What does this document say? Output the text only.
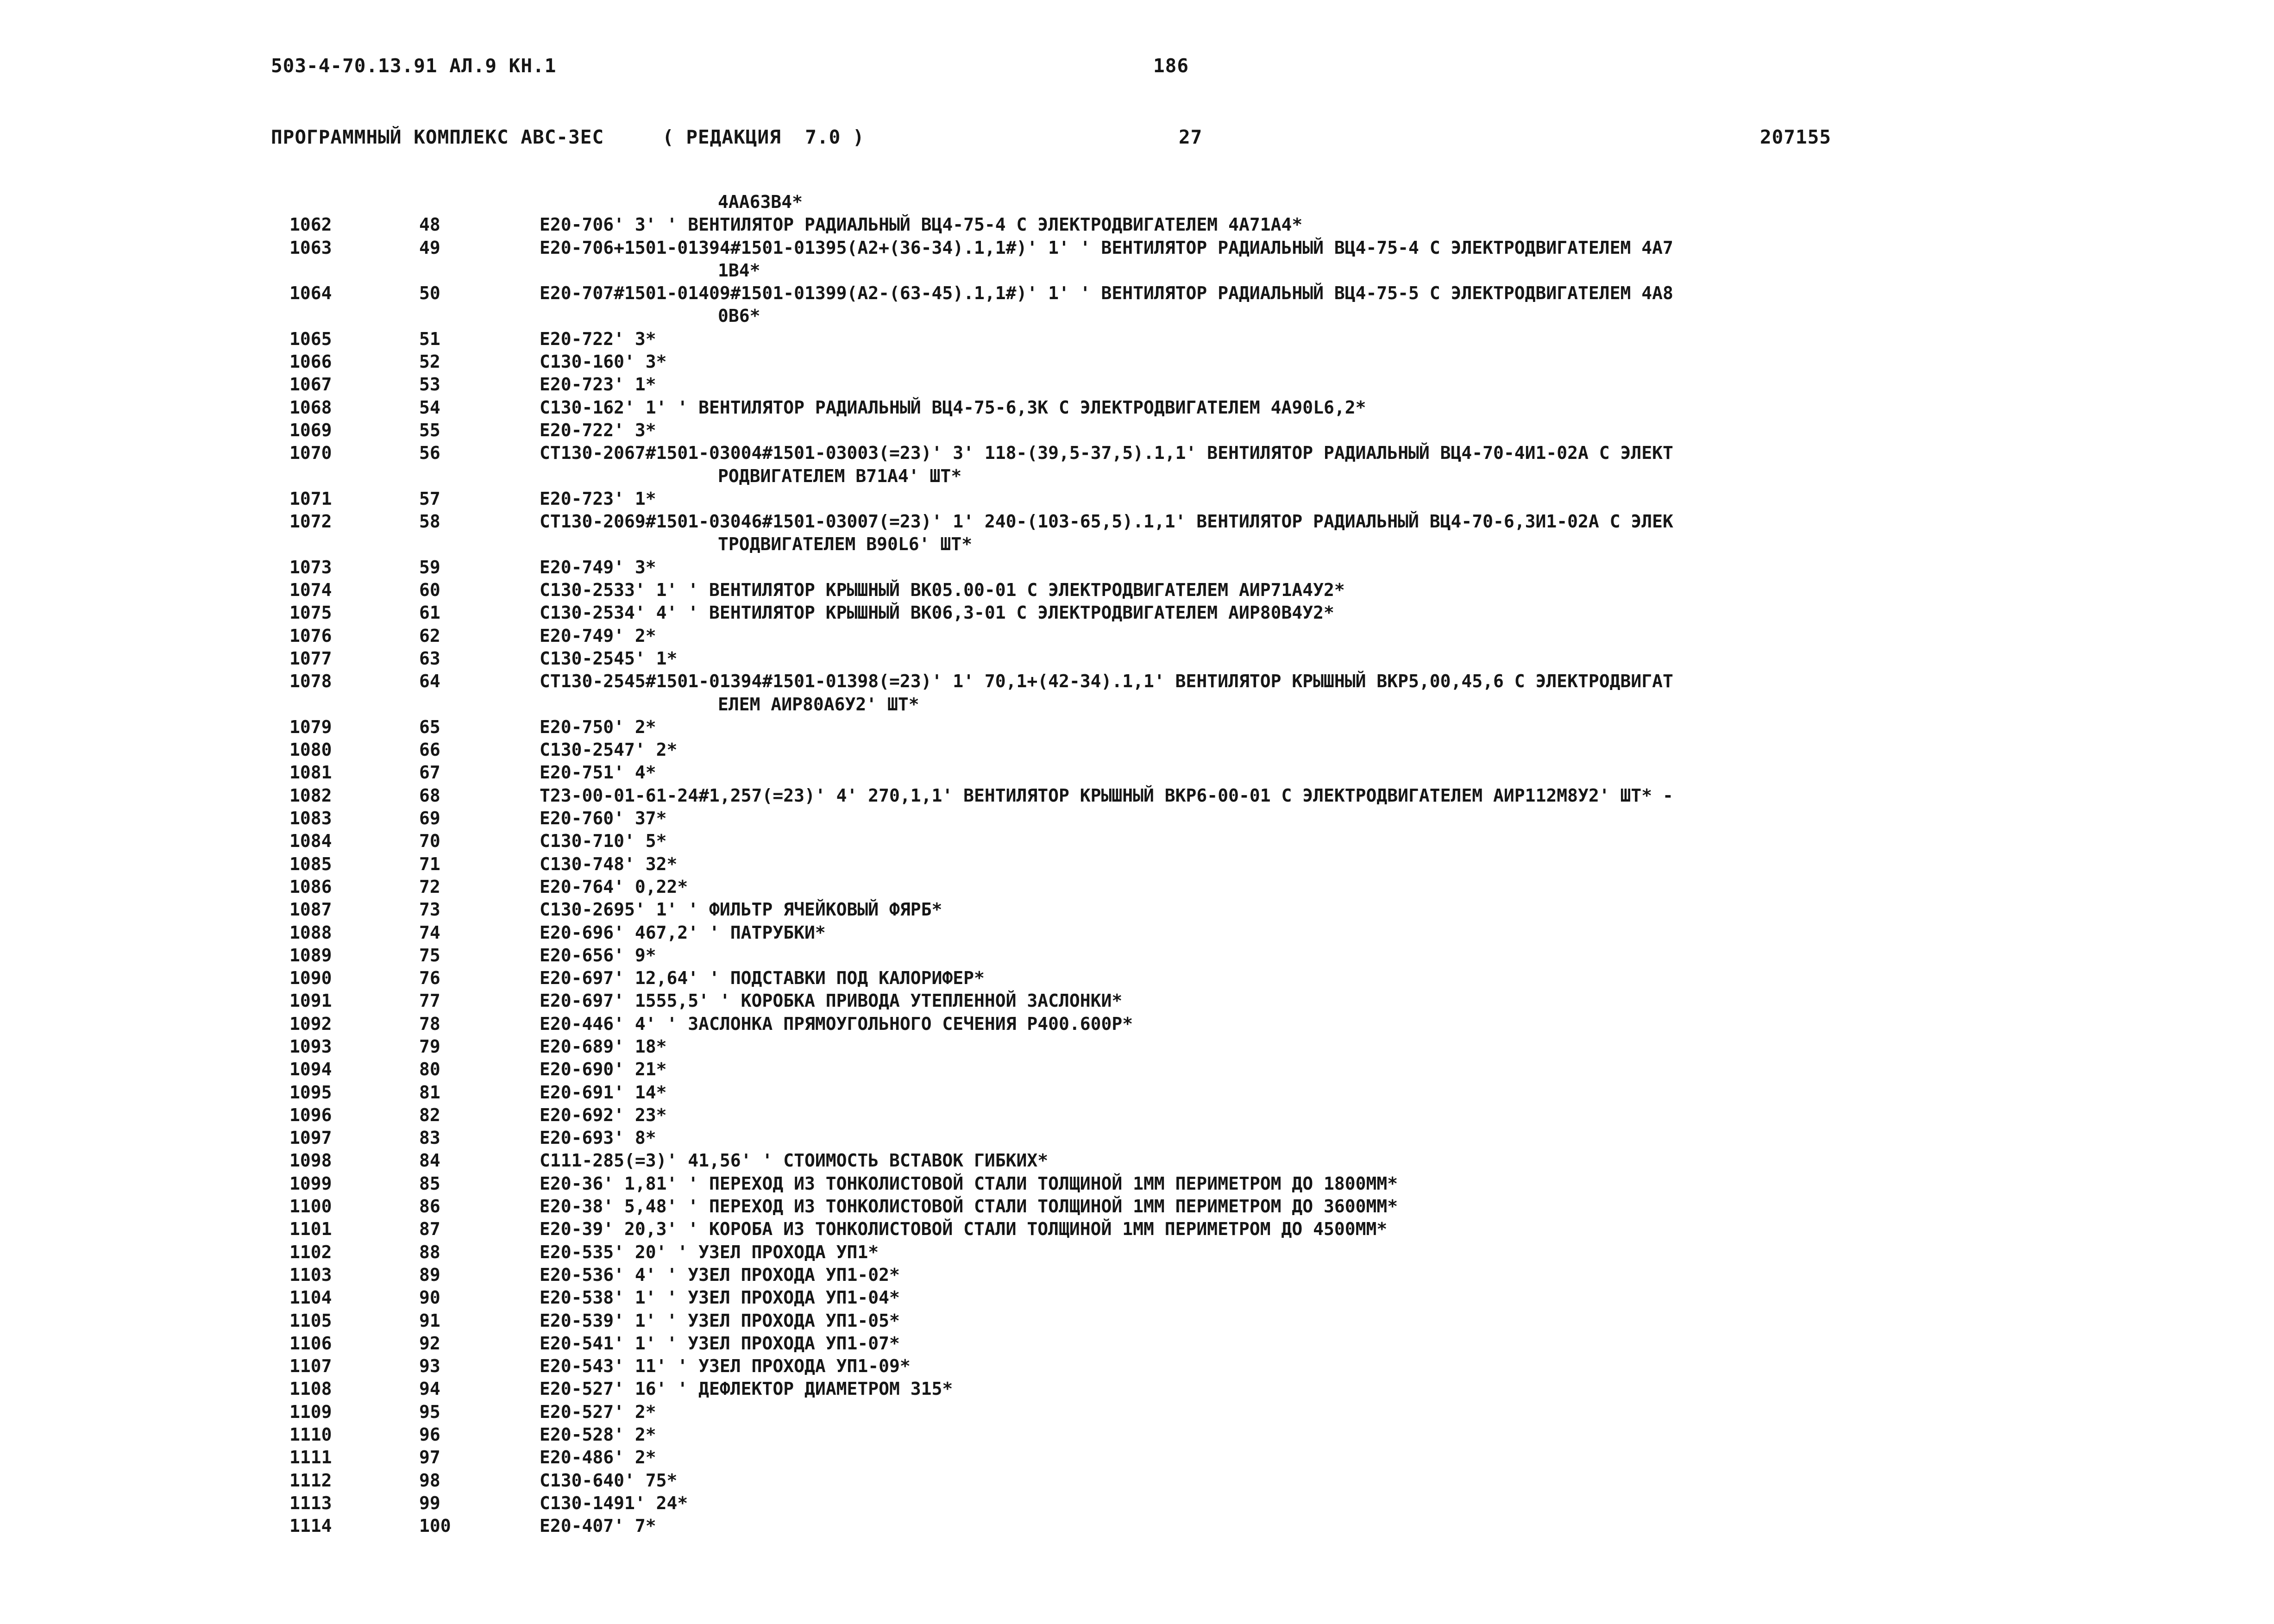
503-4-70.13.91 АЛ.9 КН.1	186
ПРОГРАММНЫЙ КОМПЛЕКС АВС-3ЕС	( РЕДАКЦИЯ  7.0 )	27	207155
4АА63В4*
1062	48	Е20-706' 3' ' ВЕНТИЛЯТОР РАДИАЛЬНЫЙ ВЦ4-75-4 С ЭЛЕКТРОДВИГАТЕЛЕМ 4А71А4*
1063	49	Е20-706+1501-01394#1501-01395(А2+(36-34).1,1#)' 1' ' ВЕНТИЛЯТОР РАДИАЛЬНЫЙ ВЦ4-75-4 С ЭЛЕКТРОДВИГАТЕЛЕМ 4А7
1В4*
1064	50	Е20-707#1501-01409#1501-01399(А2-(63-45).1,1#)' 1' ' ВЕНТИЛЯТОР РАДИАЛЬНЫЙ ВЦ4-75-5 С ЭЛЕКТРОДВИГАТЕЛЕМ 4А8
0В6*
1065	51	Е20-722' 3*
1066	52	С130-160' 3*
1067	53	Е20-723' 1*
1068	54	С130-162' 1' ' ВЕНТИЛЯТОР РАДИАЛЬНЫЙ ВЦ4-75-6,3К С ЭЛЕКТРОДВИГАТЕЛЕМ 4А90L6,2*
1069	55	Е20-722' 3*
1070	56	СТ130-2067#1501-03004#1501-03003(=23)' 3' 118-(39,5-37,5).1,1' ВЕНТИЛЯТОР РАДИАЛЬНЫЙ ВЦ4-70-4И1-02А С ЭЛЕКТ
РОДВИГАТЕЛЕМ В71А4' ШТ*
1071	57	Е20-723' 1*
1072	58	СТ130-2069#1501-03046#1501-03007(=23)' 1' 240-(103-65,5).1,1' ВЕНТИЛЯТОР РАДИАЛЬНЫЙ ВЦ4-70-6,3И1-02А С ЭЛЕК
ТРОДВИГАТЕЛЕМ В90L6' ШТ*
1073	59	Е20-749' 3*
1074	60	С130-2533' 1' ' ВЕНТИЛЯТОР КРЫШНЫЙ ВК05.00-01 С ЭЛЕКТРОДВИГАТЕЛЕМ АИР71А4У2*
1075	61	С130-2534' 4' ' ВЕНТИЛЯТОР КРЫШНЫЙ ВК06,3-01 С ЭЛЕКТРОДВИГАТЕЛЕМ АИР80В4У2*
1076	62	Е20-749' 2*
1077	63	С130-2545' 1*
1078	64	СТ130-2545#1501-01394#1501-01398(=23)' 1' 70,1+(42-34).1,1' ВЕНТИЛЯТОР КРЫШНЫЙ ВКР5,00,45,6 С ЭЛЕКТРОДВИГАТ
ЕЛЕМ АИР80А6У2' ШТ*
1079	65	Е20-750' 2*
1080	66	С130-2547' 2*
1081	67	Е20-751' 4*
1082	68	Т23-00-01-61-24#1,257(=23)' 4' 270,1,1' ВЕНТИЛЯТОР КРЫШНЫЙ ВКР6-00-01 С ЭЛЕКТРОДВИГАТЕЛЕМ АИР112М8У2' ШТ* -
1083	69	Е20-760' 37*
1084	70	С130-710' 5*
1085	71	С130-748' 32*
1086	72	Е20-764' 0,22*
1087	73	С130-2695' 1' ' ФИЛЬТР ЯЧЕЙКОВЫЙ ФЯРБ*
1088	74	Е20-696' 467,2' ' ПАТРУБКИ*
1089	75	Е20-656' 9*
1090	76	Е20-697' 12,64' ' ПОДСТАВКИ ПОД КАЛОРИФЕР*
1091	77	Е20-697' 1555,5' ' КОРОБКА ПРИВОДА УТЕПЛЕННОЙ ЗАСЛОНКИ*
1092	78	Е20-446' 4' ' ЗАСЛОНКА ПРЯМОУГОЛЬНОГО СЕЧЕНИЯ Р400.600Р*
1093	79	Е20-689' 18*
1094	80	Е20-690' 21*
1095	81	Е20-691' 14*
1096	82	Е20-692' 23*
1097	83	Е20-693' 8*
1098	84	С111-285(=3)' 41,56' ' СТОИМОСТЬ ВСТАВОК ГИБКИХ*
1099	85	Е20-36' 1,81' ' ПЕРЕХОД ИЗ ТОНКОЛИСТОВОЙ СТАЛИ ТОЛЩИНОЙ 1ММ ПЕРИМЕТРОМ ДО 1800ММ*
1100	86	Е20-38' 5,48' ' ПЕРЕХОД ИЗ ТОНКОЛИСТОВОЙ СТАЛИ ТОЛЩИНОЙ 1ММ ПЕРИМЕТРОМ ДО 3600ММ*
1101	87	Е20-39' 20,3' ' КОРОБА ИЗ ТОНКОЛИСТОВОЙ СТАЛИ ТОЛЩИНОЙ 1ММ ПЕРИМЕТРОМ ДО 4500ММ*
1102	88	Е20-535' 20' ' УЗЕЛ ПРОХОДА УП1*
1103	89	Е20-536' 4' ' УЗЕЛ ПРОХОДА УП1-02*
1104	90	Е20-538' 1' ' УЗЕЛ ПРОХОДА УП1-04*
1105	91	Е20-539' 1' ' УЗЕЛ ПРОХОДА УП1-05*
1106	92	Е20-541' 1' ' УЗЕЛ ПРОХОДА УП1-07*
1107	93	Е20-543' 11' ' УЗЕЛ ПРОХОДА УП1-09*
1108	94	Е20-527' 16' ' ДЕФЛЕКТОР ДИАМЕТРОМ 315*
1109	95	Е20-527' 2*
1110	96	Е20-528' 2*
1111	97	Е20-486' 2*
1112	98	С130-640' 75*
1113	99	С130-1491' 24*
1114	100	Е20-407' 7*
